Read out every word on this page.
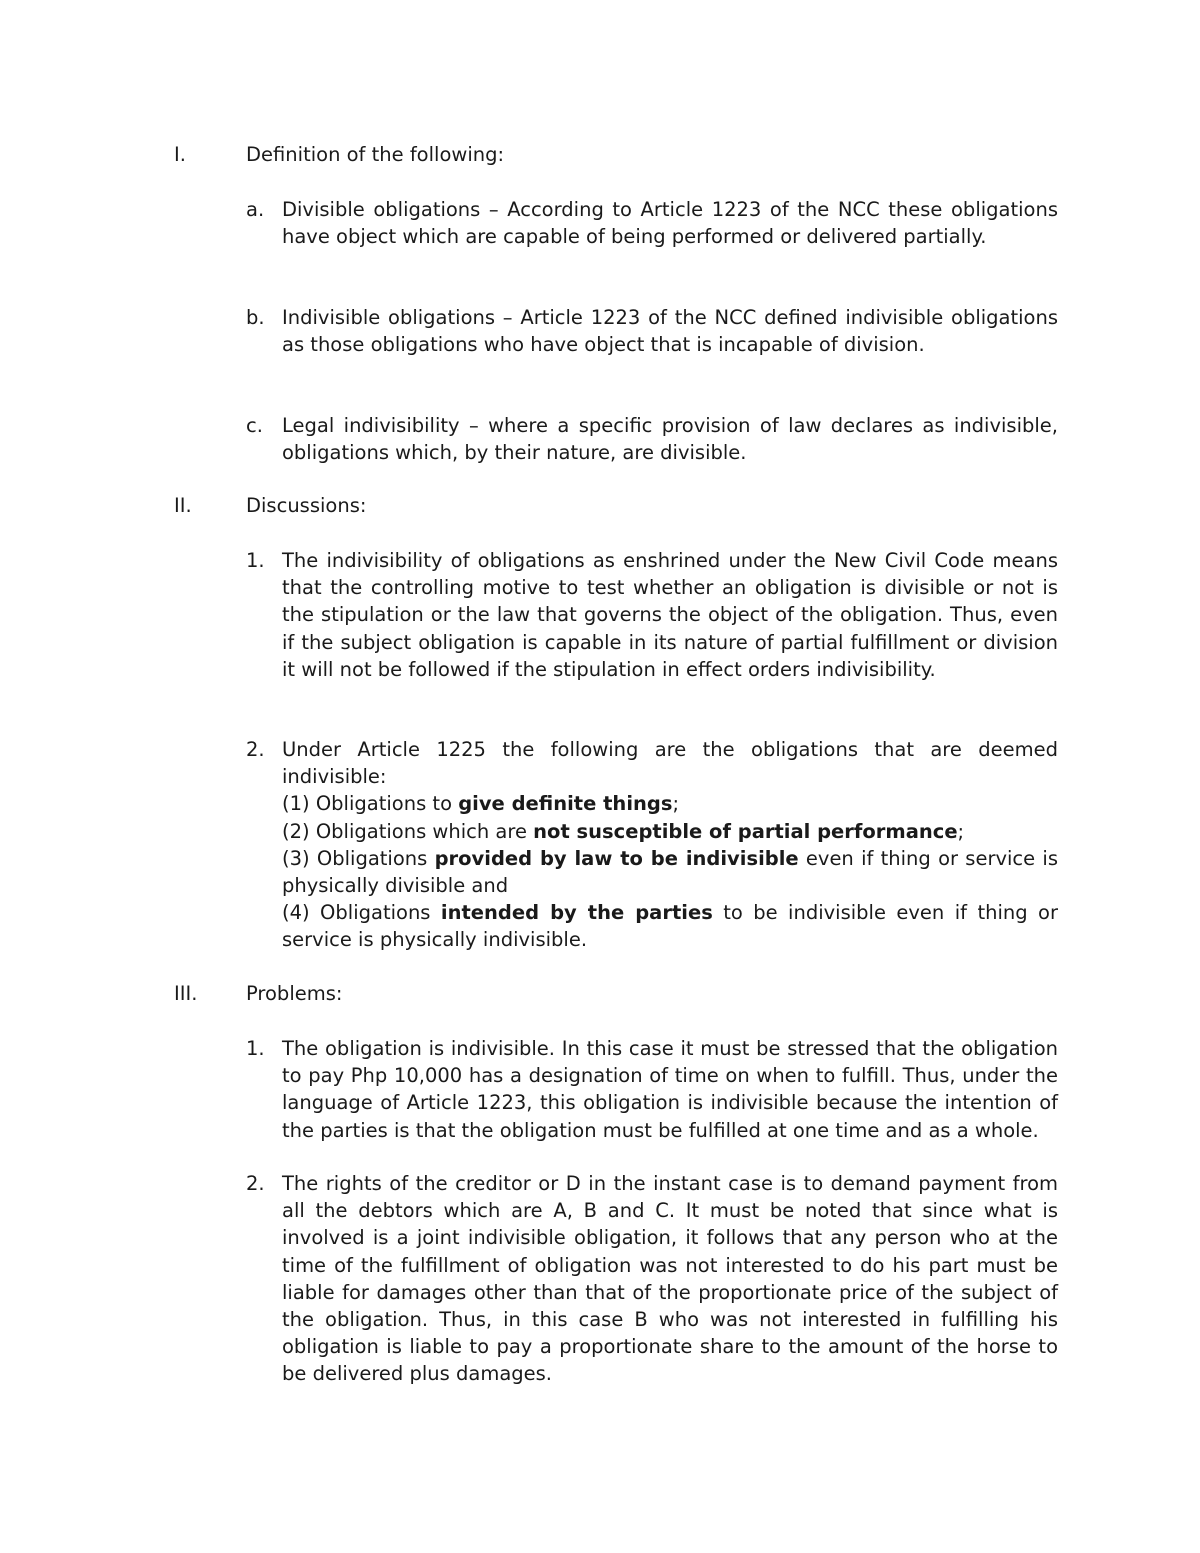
I.	Definition of the following:
a. Divisible obligations – According to Article 1223 of the NCC these obligations have object which are capable of being performed or delivered partially.
b. Indivisible obligations – Article 1223 of the NCC defined indivisible obligations as those obligations who have object that is incapable of division.
c. Legal indivisibility – where a specific provision of law declares as indivisible, obligations which, by their nature, are divisible.
II.	Discussions:
1. The indivisibility of obligations as enshrined under the New Civil Code means that the controlling motive to test whether an obligation is divisible or not is the stipulation or the law that governs the object of the obligation. Thus, even if the subject obligation is capable in its nature of partial fulfillment or division it will not be followed if the stipulation in effect orders indivisibility.
2. Under Article 1225 the following are the obligations that are deemed indivisible:
(1) Obligations to give definite things;
(2) Obligations which are not susceptible of partial performance;
(3) Obligations provided by law to be indivisible even if thing or service is physically divisible and
(4) Obligations intended by the parties to be indivisible even if thing or service is physically indivisible.
III. Problems:
1. The obligation is indivisible. In this case it must be stressed that the obligation to pay Php 10,000 has a designation of time on when to fulfill. Thus, under the language of Article 1223, this obligation is indivisible because the intention of the parties is that the obligation must be fulfilled at one time and as a whole.
2. The rights of the creditor or D in the instant case is to demand payment from all the debtors which are A, B and C. It must be noted that since what is involved is a joint indivisible obligation, it follows that any person who at the time of the fulfillment of obligation was not interested to do his part must be liable for damages other than that of the proportionate price of the subject of the obligation. Thus, in this case B who was not interested in fulfilling his obligation is liable to pay a proportionate share to the amount of the horse to be delivered plus damages.
